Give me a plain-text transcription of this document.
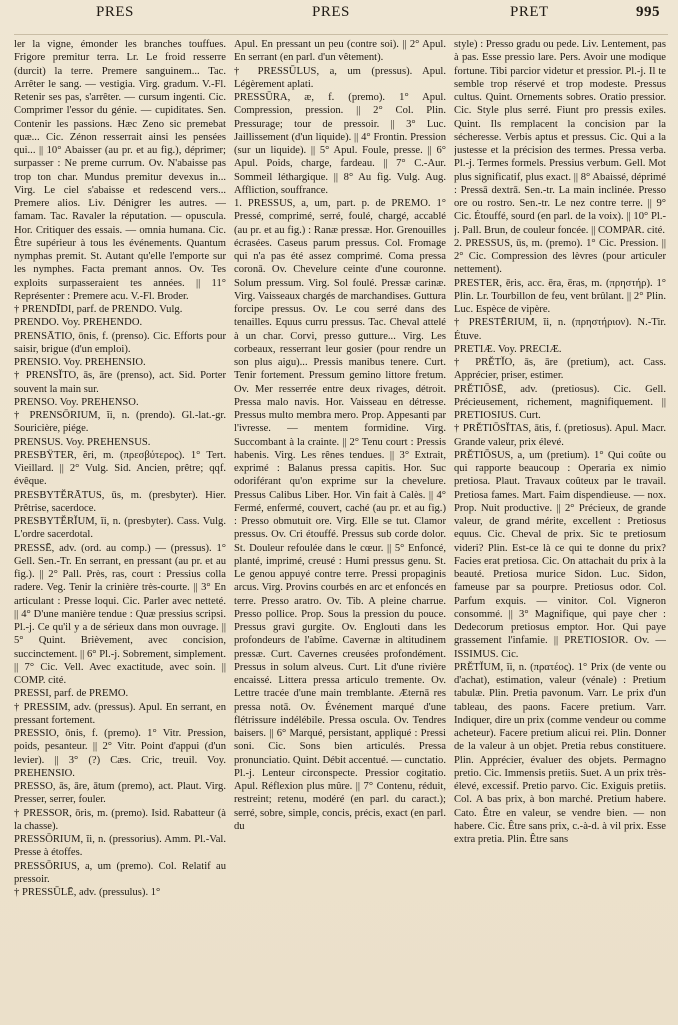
PRES	PRES	PRET	995

ler la vigne, émonder les branches touffues. Frigore premitur terra. Lr. Le froid resserre (durcit) la terre. Premere sanguinem... Tac. Arrêter le sang. — vestigia. Virg. gradum. V.-Fl. Retenir ses pas, s'arrêter. — cursum ingenti. Cic. Comprimer l'essor du génie. — cupiditates. Sen. Contenir les passions. Hæc Zeno sic premebat quæ... Cic. Zénon resserrait ainsi les pensées qui... || 10° Abaisser (au pr. et au fig.), déprimer; surpasser : Ne preme currum. Ov. N'abaisse pas trop ton char. Mundus premitur devexus in... Virg. Le ciel s'abaisse et redescend vers... Premere alios. Liv. Dénigrer les autres. — famam. Tac. Ravaler la réputation. — opuscula. Hor. Critiquer des essais. — omnia humana. Cic. Être supérieur à tous les événements. Quantum nymphas premit. St. Autant qu'elle l'emporte sur les nymphes. Facta premant annos. Ov. Tes exploits surpasseraient tes années. || 11° Représenter : Premere acu. V.-Fl. Broder.

† PRENDĪDI, parf. de PRENDO. Vulg.

PRENDO. Voy. PREHENDO.

PRENSĀTIO, ōnis, f. (prenso). Cic. Efforts pour saisir, brigue (d'un emploi).

PRENSIO. Voy. PREHENSIO.

† PRENSĬTO, ās, āre (prenso), act. Sid. Porter souvent la main sur.

PRENSO. Voy. PREHENSO.

† PRENSŌRIUM, ĭi, n. (prendo). Gl.-lat.-gr. Souricière, piége.

PRENSUS. Voy. PREHENSUS.

PRESBŸTER, ĕri, m. (πρεσβύτερος). 1° Tert. Vieillard. || 2° Vulg. Sid. Ancien, prêtre; qqf. évêque.

PRESBYTĔRĀTUS, ūs, m. (presbyter). Hier. Prêtrise, sacerdoce.

PRESBYTĔRĬUM, ĭi, n. (presbyter). Cass. Vulg. L'ordre sacerdotal.

PRESSĒ, adv. (ord. au comp.) — (pressus). 1° Gell. Sen.-Tr. En serrant, en pressant (au pr. et au fig.). || 2° Pall. Près, ras, court : Pressius colla radere. Veg. Tenir la crinière très-courte. || 3° En articulant : Presse loqui. Cic. Parler avec netteté. || 4° D'une manière tendue : Quæ pressius scripsi. Pl.-j. Ce qu'il y a de sérieux dans mon ouvrage. || 5° Quint. Brièvement, avec concision, succinctement. || 6° Pl.-j. Sobrement, simplement. || 7° Cic. Vell. Avec exactitude, avec soin. || COMP. cité.

PRESSI, parf. de PREMO.

† PRESSIM, adv. (pressus). Apul. En serrant, en pressant fortement.

PRESSIO, ōnis, f. (premo). 1° Vitr. Pression, poids, pesanteur. || 2° Vitr. Point d'appui (d'un levier). || 3° (?) Cæs. Cric, treuil. Voy. PREHENSIO.

PRESSO, ās, āre, ātum (premo), act. Plaut. Virg. Presser, serrer, fouler.

† PRESSOR, ōris, m. (premo). Isid. Rabatteur (à la chasse).

PRESSŌRIUM, ĭi, n. (pressorius). Amm. Pl.-Val. Presse à étoffes.

PRESSŌRIUS, a, um (premo). Col. Relatif au pressoir.

† PRESSŪLĒ, adv. (pressulus). 1°

Apul. En pressant un peu (contre soi). || 2° Apul. En serrant (en parl. d'un vêtement).

† PRESSŪLUS, a, um (pressus). Apul. Légèrement aplati.

PRESSŪRA, æ, f. (premo). 1° Apul. Compression, pression. || 2° Col. Plin. Pressurage; tour de pressoir. || 3° Luc. Jaillissement (d'un liquide). || 4° Frontin. Pression (sur un liquide). || 5° Apul. Foule, presse. || 6° Apul. Poids, charge, fardeau. || 7° C.-Aur. Sommeil léthargique. || 8° Au fig. Vulg. Aug. Affliction, souffrance.

1. PRESSUS, a, um, part. p. de PREMO. 1° Pressé, comprimé, serré, foulé, chargé, accablé (au pr. et au fig.) : Ranæ pressæ. Hor. Grenouilles écrasées. Caseus parum pressus. Col. Fromage qui n'a pas été assez comprimé. Coma pressa coronā. Ov. Chevelure ceinte d'une couronne. Solum pressum. Virg. Sol foulé. Pressæ carinæ. Virg. Vaisseaux chargés de marchandises. Guttura forcipe pressus. Ov. Le cou serré dans des tenailles. Equus curru pressus. Tac. Cheval attelé à un char. Corvi, presso gutture... Virg. Les corbeaux, resserrant leur gosier (pour rendre un son plus aigu)... Pressis manibus tenere. Curt. Tenir fortement. Pressum gemino littore fretum. Ov. Mer resserrée entre deux rivages, détroit. Pressa malo navis. Hor. Vaisseau en détresse. Pressus multo membra mero. Prop. Appesanti par l'ivresse. — mentem formidine. Virg. Succombant à la crainte. || 2° Tenu court : Pressis habenis. Virg. Les rênes tendues. || 3° Extrait, exprimé : Balanus pressa capitis. Hor. Suc odoriférant qu'on exprime sur la chevelure. Pressus Calibus Liber. Hor. Vin fait à Calès. || 4° Fermé, enfermé, couvert, caché (au pr. et au fig.) : Presso obmutuit ore. Virg. Elle se tut. Clamor pressus. Ov. Cri étouffé. Pressus sub corde dolor. St. Douleur refoulée dans le cœur. || 5° Enfoncé, planté, imprimé, creusé : Humi pressus genu. St. Le genou appuyé contre terre. Pressi propaginis arcus. Virg. Provins courbés en arc et enfoncés en terre. Presso aratro. Ov. Tib. A pleine charrue. Presso pollice. Prop. Sous la pression du pouce. Pressus gravi gurgite. Ov. Englouti dans les profondeurs de l'abîme. Cavernæ in altitudinem pressæ. Curt. Cavernes creusées profondément. Pressus in solum alveus. Curt. Lit d'une rivière encaissé. Littera pressa articulo tremente. Ov. Lettre tracée d'une main tremblante. Æternā res pressa notā. Ov. Événement marqué d'une flétrissure indélébile. Pressa oscula. Ov. Tendres baisers. || 6° Marqué, persistant, appliqué : Pressi soni. Cic. Sons bien articulés. Pressa pronunciatio. Quint. Débit accentué. — cunctatio. Pl.-j. Lenteur circonspecte. Pressior cogitatio. Apul. Réflexion plus mûre. || 7° Contenu, réduit, restreint; retenu, modéré (en parl. du caract.); serré, sobre, simple, concis, précis, exact (en parl. du

style) : Presso gradu ou pede. Liv. Lentement, pas à pas. Esse pressio lare. Pers. Avoir une modique fortune. Tibi parcior videtur et pressior. Pl.-j. Il te semble trop réservé et trop modeste. Pressus cultus. Quint. Ornements sobres. Oratio pressior. Cic. Style plus serré. Fiunt pro pressis exiles. Quint. Ils remplacent la concision par la sécheresse. Verbis aptus et pressus. Cic. Qui a la justesse et la précision des termes. Pressa verba. Pl.-j. Termes formels. Pressius verbum. Gell. Mot plus significatif, plus exact. || 8° Abaissé, déprimé : Pressā dextrā. Sen.-tr. La main inclinée. Presso ore ou rostro. Sen.-tr. Le nez contre terre. || 9° Cic. Étouffé, sourd (en parl. de la voix). || 10° Pl.-j. Pall. Brun, de couleur foncée. || COMPAR. cité.

2. PRESSUS, ūs, m. (premo). 1° Cic. Pression. || 2° Cic. Compression des lèvres (pour articuler nettement).

PRESTER, ēris, acc. ēra, ēras, m. (πρηστήρ). 1° Plin. Lr. Tourbillon de feu, vent brûlant. || 2° Plin. Luc. Espèce de vipère.

† PRESTĒRIUM, ĭi, n. (πρηστήριον). N.-Tir. Étuve.

PRETIÆ. Voy. PRECIÆ.

† PRĔTĬO, ās, āre (pretium), act. Cass. Apprécier, priser, estimer.

PRĔTIŌSĒ, adv. (pretiosus). Cic. Gell. Précieusement, richement, magnifiquement. || PRETIOSIUS. Curt.

† PRĔTIŌSĬTAS, ātis, f. (pretiosus). Apul. Macr. Grande valeur, prix élevé.

PRĔTIŌSUS, a, um (pretium). 1° Qui coûte ou qui rapporte beaucoup : Operaria ex nimio pretiosa. Plaut. Travaux coûteux par le travail. Pretiosa fames. Mart. Faim dispendieuse. — nox. Prop. Nuit productive. || 2° Précieux, de grande valeur, de grand mérite, excellent : Pretiosus equus. Cic. Cheval de prix. Sic te pretiosum videri? Plin. Est-ce là ce qui te donne du prix? Facies erat pretiosa. Cic. On attachait du prix à la beauté. Pretiosa murice Sidon. Luc. Sidon, fameuse par sa pourpre. Pretiosus odor. Col. Parfum exquis. — vinitor. Col. Vigneron consommé. || 3° Magnifique, qui paye cher : Dedecorum pretiosus emptor. Hor. Qui paye grassement l'infamie. || PRETIOSIOR. Ov. — ISSIMUS. Cic.

PRĔTĬUM, ĭi, n. (πρατέος). 1° Prix (de vente ou d'achat), estimation, valeur (vénale) : Pretium tabulæ. Plin. Pretia pavonum. Varr. Le prix d'un tableau, des paons. Facere pretium. Varr. Indiquer, dire un prix (comme vendeur ou comme acheteur). Facere pretium alicui rei. Plin. Donner de la valeur à un objet. Pretia rebus constituere. Plin. Apprécier, évaluer des objets. Permagno pretio. Cic. Immensis pretiis. Suet. A un prix très-élevé, excessif. Pretio parvo. Cic. Exiguis pretiis. Col. A bas prix, à bon marché. Pretium habere. Cato. Être en valeur, se vendre bien. — non habere. Cic. Être sans prix, c.-à-d. à vil prix. Esse extra pretia. Plin. Être sans
